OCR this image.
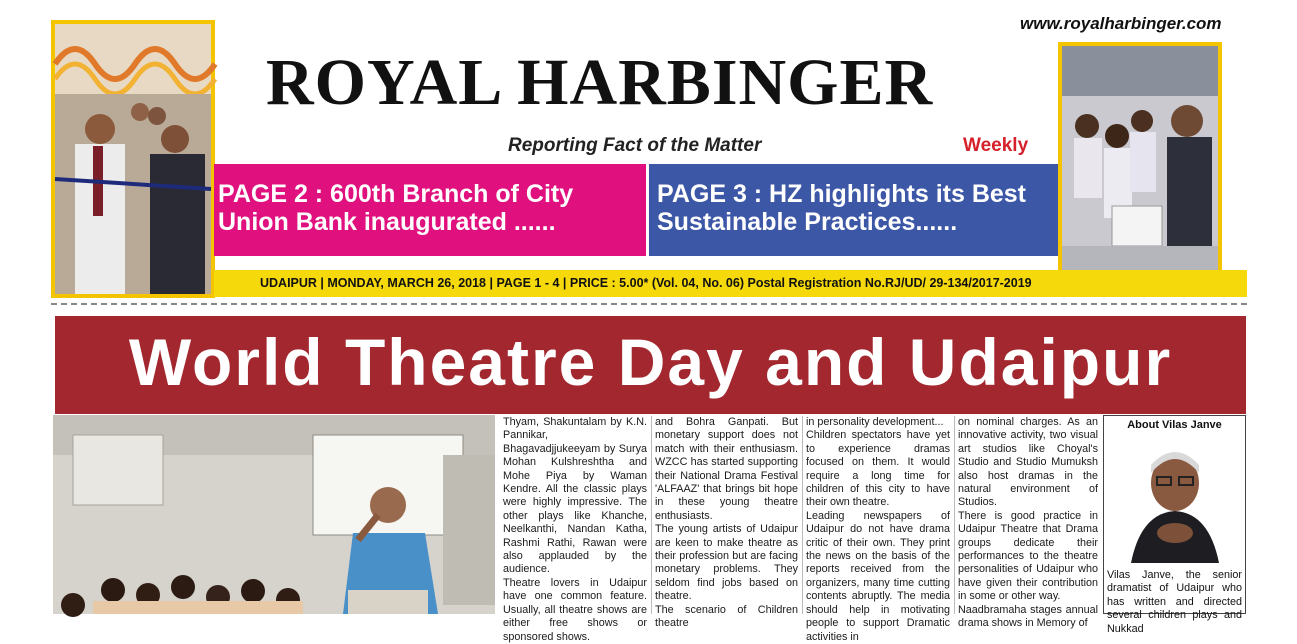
www.royalharbinger.com
ROYAL HARBINGER
Reporting Fact of the Matter	Weekly
PAGE 2 : 600th Branch of City
Union Bank inaugurated ......
PAGE 3 : HZ highlights its Best
Sustainable Practices......
UDAIPUR | MONDAY, MARCH 26, 2018 | PAGE 1 - 4 | PRICE : 5.00* (Vol. 04, No. 06) Postal Registration No.RJ/UD/ 29-134/2017-2019
World Theatre Day and Udaipur

Thyam, Shakuntalam by K.N. Pannikar, Bhagavadjjukeeyam by Surya Mohan Kulshreshtha and Mohe Piya by Waman Kendre. All the classic plays were highly impressive. The other plays like Khanche, Neelkanthi, Nandan Katha, Rashmi Rathi, Rawan were also applauded by the audience.

Theatre lovers in Udaipur have one common feature. Usually, all theatre shows are either free shows or sponsored shows.

and Bohra Ganpati. But monetary support does not match with their enthusiasm. WZCC has started supporting their National Drama Festival 'ALFAAZ' that brings bit hope in these young theatre enthusiasts.

The young artists of Udaipur are keen to make theatre as their profession but are facing monetary problems. They seldom find jobs based on theatre.

The scenario of Children theatre

in personality development...

Children spectators have yet to experience dramas focused on them. It would require a long time for children of this city to have their own theatre.

Leading newspapers of Udaipur do not have drama critic of their own. They print the news on the basis of the reports received from the organizers, many time cutting contents abruptly. The media should help in motivating people to support Dramatic activities in

on nominal charges. As an innovative activity, two visual art studios like Choyal's Studio and Studio Mumuksh also host dramas in the natural environment of Studios.

There is good practice in Udaipur Theatre that Drama groups dedicate their performances to the theatre personalities of Udaipur who have given their contribution in some or other way.

Naadbramaha stages annual drama shows in Memory of

About Vilas Janve
Vilas Janve, the senior dramatist of Udaipur who has written and directed several children plays and Nukkad
